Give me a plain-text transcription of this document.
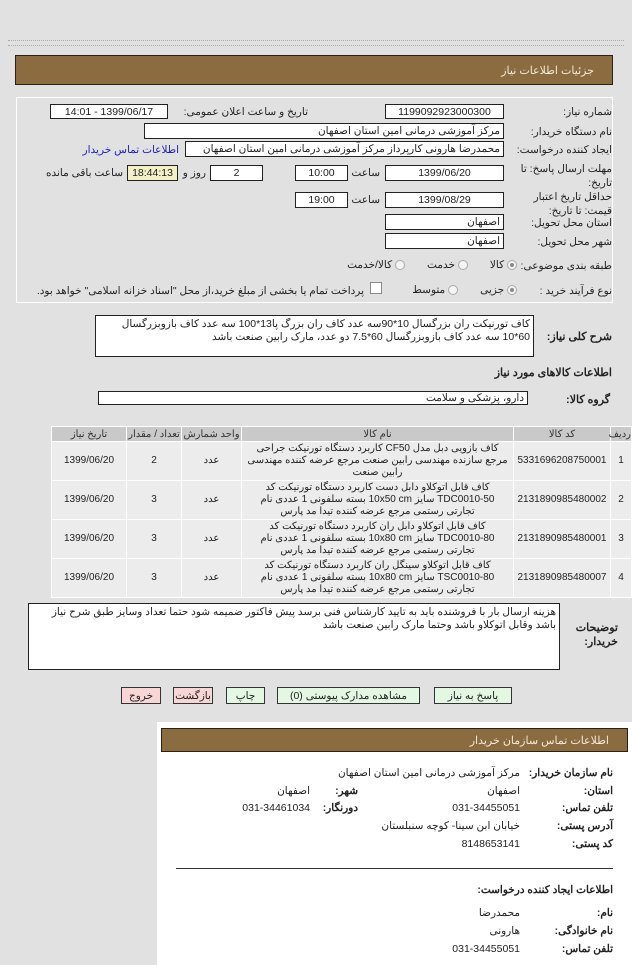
جزئیات اطلاعات نیاز
شماره نیاز:
1199092923000300
تاریخ و ساعت اعلان عمومی:
1399/06/17 - 14:01
نام دستگاه خریدار:
مرکز آموزشی درمانی امین استان اصفهان
ایجاد کننده درخواست:
محمدرضا هارونی کارپرداز مرکز آموزشی درمانی امین استان اصفهان
اطلاعات تماس خریدار
مهلت ارسال پاسخ: تا تاریخ:
1399/06/20
ساعت
10:00
2
روز و
18:44:13
ساعت باقی مانده
حداقل تاریخ اعتبار قیمت: تا تاریخ:
1399/08/29
ساعت
19:00
استان محل تحویل:
اصفهان
شهر محل تحویل:
اصفهان
طبقه بندی موضوعی:
کالا
خدمت
کالا/خدمت
نوع فرآیند خرید :
جزیی
متوسط
پرداخت تمام یا بخشی از مبلغ خرید،از محل "اسناد خزانه اسلامی" خواهد بود.
شرح کلی نیاز:
کاف تورنیکت ران بزرگسال 10*90سه عدد کاف ران بزرگ پا13*100 سه عدد کاف بازوبزرگسال 60*10 سه عدد کاف بازوبزرگسال 60*7.5 دو عدد، مارک رابین صنعت باشد
اطلاعات کالاهای مورد نیاز
گروه کالا:
دارو، پزشکی و سلامت
ردیف	کد کالا	نام کالا	واحد شمارش	تعداد / مقدار	تاریخ نیاز
1	5331696208750001	کاف بازویی دبل مدل CF50 کاربرد دستگاه تورنیکت جراحی مرجع سازنده مهندسی رابین صنعت مرجع عرضه کننده مهندسی رابین صنعت	عدد	2	1399/06/20
2	2131890985480002	کاف قابل اتوکلاو دابل دست کاربرد دستگاه تورنیکت کد TDC0010-50 سایز 10x50 cm بسته سلفونی 1 عددی نام تجارتی رستمی مرجع عرضه کننده تیدا مد پارس	عدد	3	1399/06/20
3	2131890985480001	کاف قابل اتوکلاو دابل ران کاربرد دستگاه تورنیکت کد TDC0010-80 سایز 10x80 cm بسته سلفونی 1 عددی نام تجارتی رستمی مرجع عرضه کننده تیدا مد پارس	عدد	3	1399/06/20
4	2131890985480007	کاف قابل اتوکلاو سینگل ران کاربرد دستگاه تورنیکت کد TSC0010-80 سایز 10x80 cm بسته سلفونی 1 عددی نام تجارتی رستمی مرجع عرضه کننده تیدا مد پارس	عدد	3	1399/06/20
توضیحات خریدار:
هزینه ارسال بار با فروشنده باید به تایید کارشناس فنی برسد پیش فاکتور ضمیمه شود حتما تعداد وسایز طبق شرح نیاز باشد وقابل اتوکلاو باشد وحتما مارک رابین صنعت باشد
پاسخ به نیاز
مشاهده مدارک پیوستی (0)
چاپ
بازگشت
خروج
اطلاعات تماس سازمان خریدار
نام سازمان خریدار:
مرکز آموزشی درمانی امین استان اصفهان
استان:
اصفهان
شهر:
اصفهان
تلفن تماس:
031-34455051
دورنگار:
031-34461034
آدرس پستی:
خیابان ابن سینا- کوچه سنبلستان
کد پستی:
8148653141
اطلاعات ایجاد کننده درخواست:
نام:
محمدرضا
نام خانوادگی:
هارونی
تلفن تماس:
031-34455051
